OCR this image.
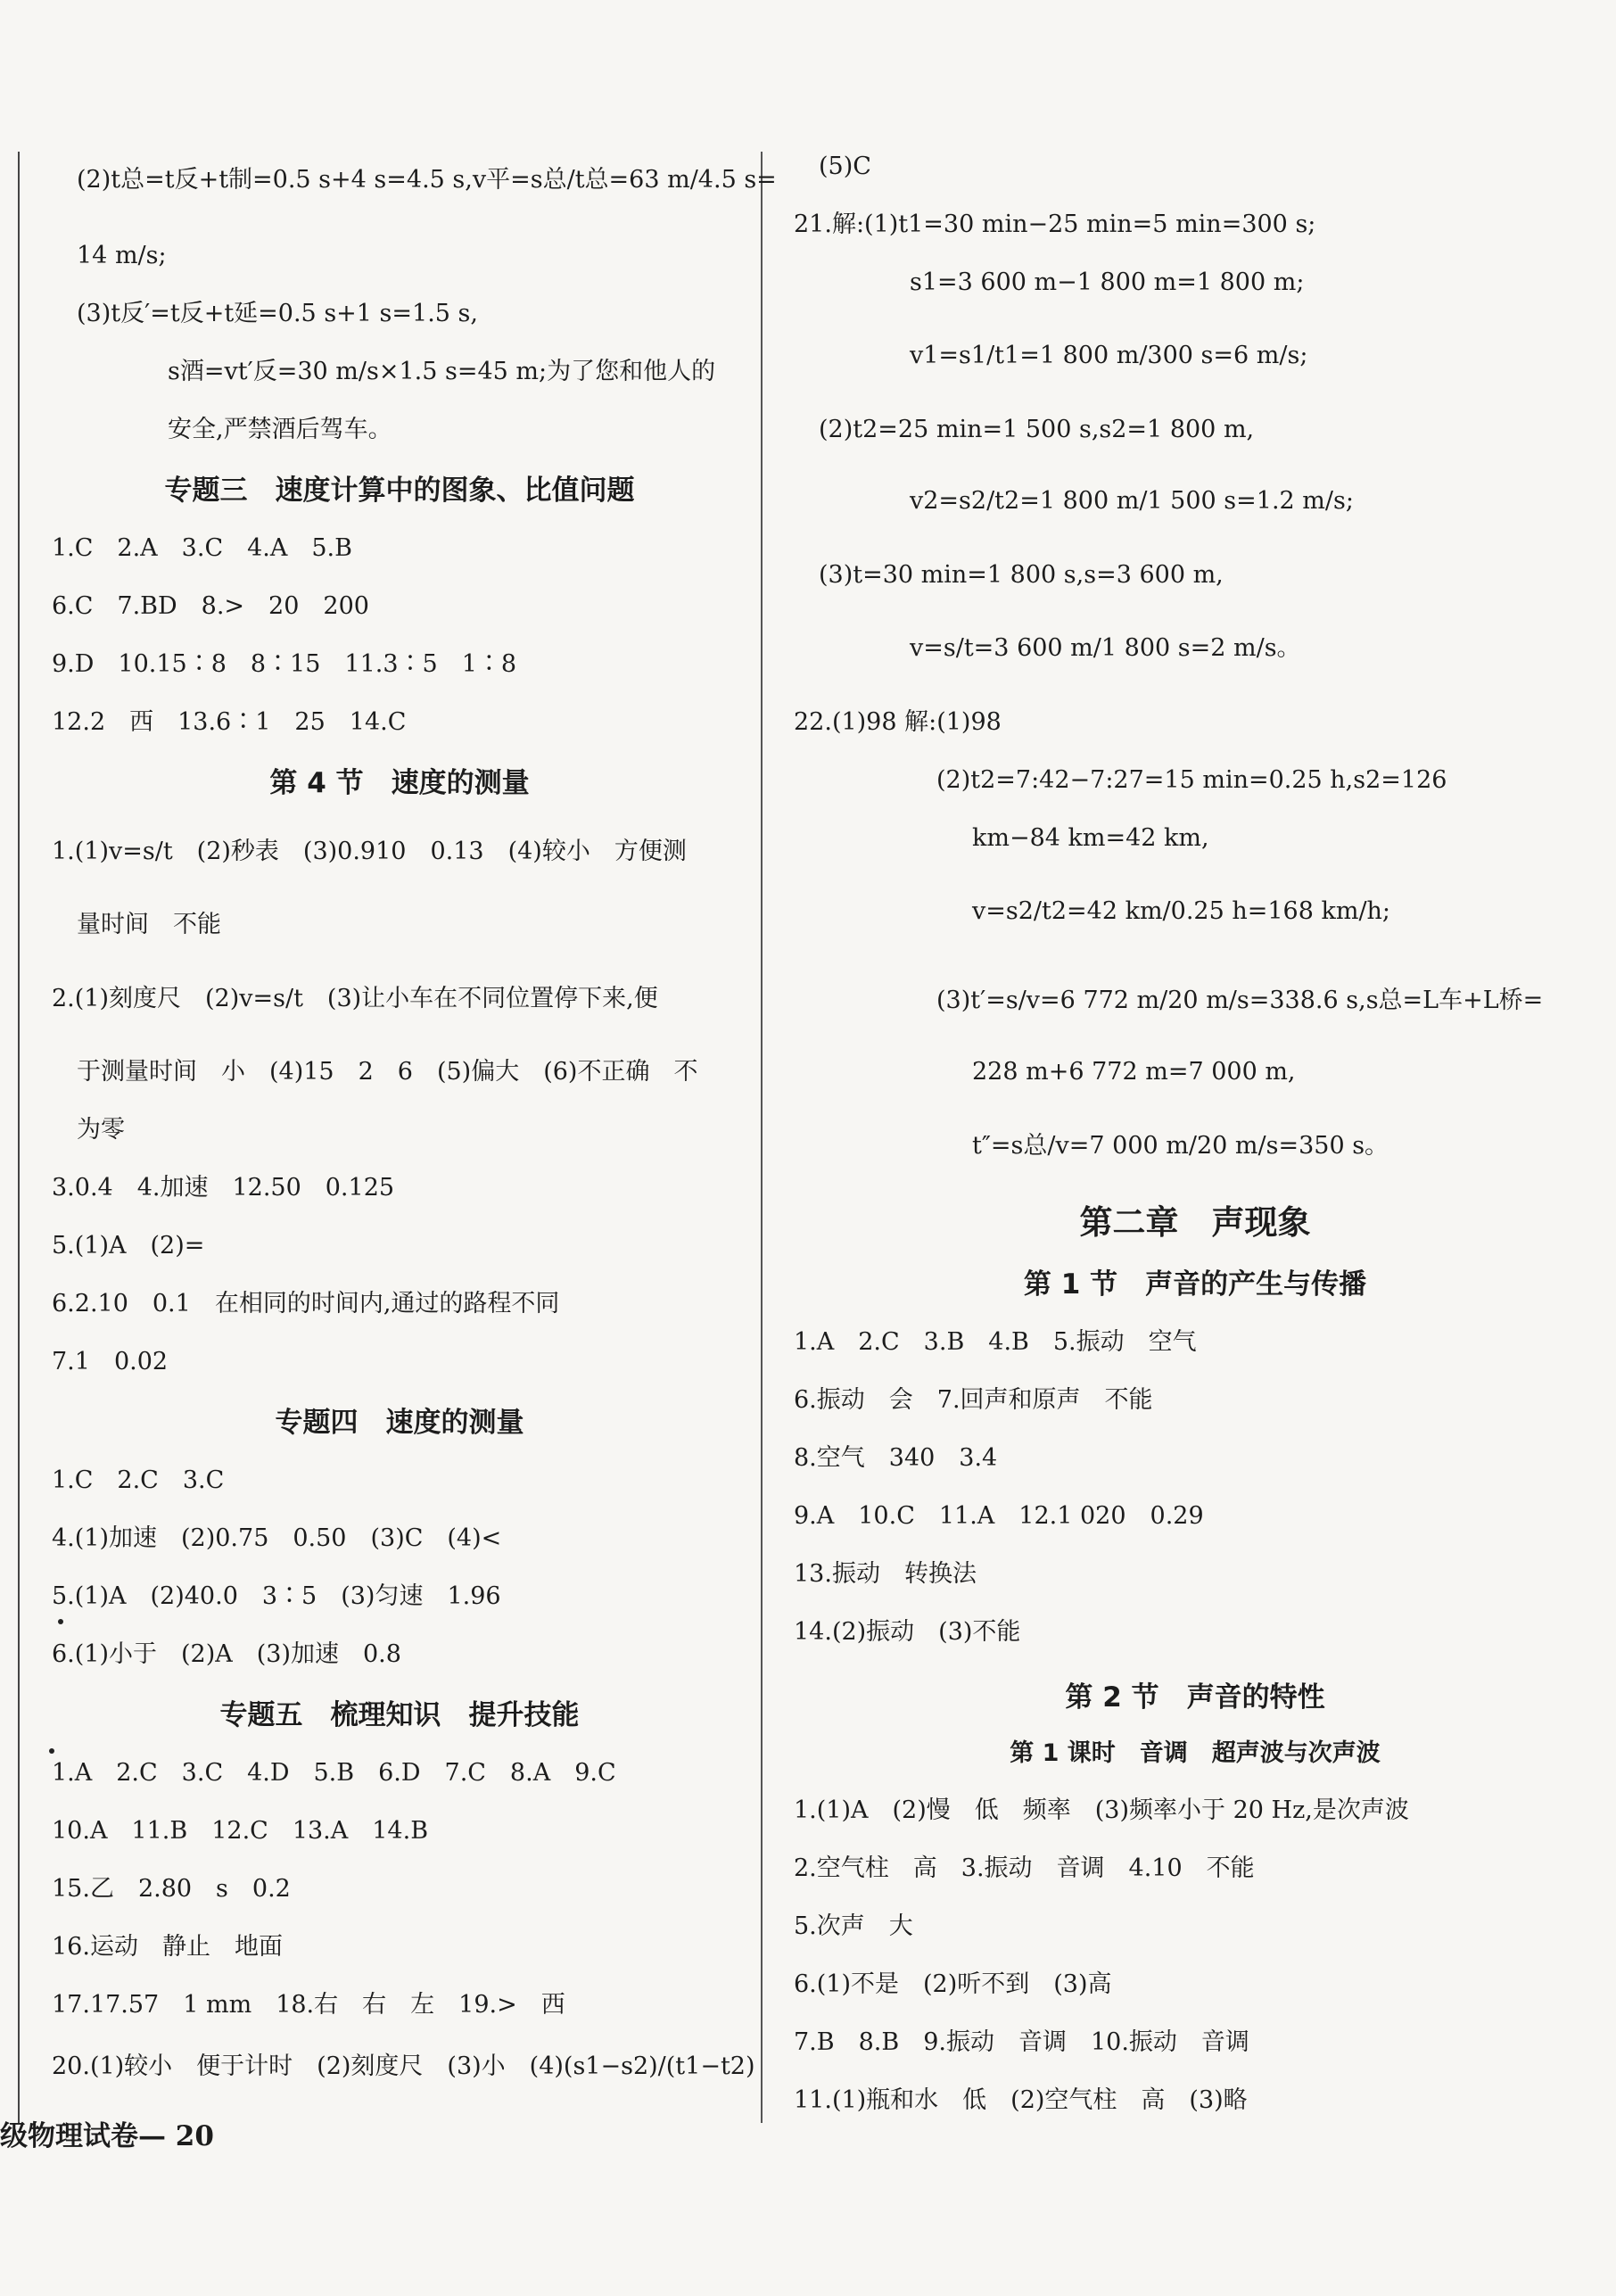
(2)t总=t反+t制=0.5 s+4 s=4.5 s,v平=s总/t总=63 m/4.5 s=
14 m/s;
(3)t反′=t反+t延=0.5 s+1 s=1.5 s,
s酒=vt′反=30 m/s×1.5 s=45 m;为了您和他人的
安全,严禁酒后驾车。
专题三　速度计算中的图象、比值问题
1.C　2.A　3.C　4.A　5.B
6.C　7.BD　8.>　20　200
9.D　10.15∶8　8∶15　11.3∶5　1∶8
12.2　西　13.6∶1　25　14.C
第 4 节　速度的测量
1.(1)v=s/t　(2)秒表　(3)0.910　0.13　(4)较小　方便测
量时间　不能
2.(1)刻度尺　(2)v=s/t　(3)让小车在不同位置停下来,便
于测量时间　小　(4)15　2　6　(5)偏大　(6)不正确　不
为零
3.0.4　4.加速　12.50　0.125
5.(1)A　(2)=
6.2.10　0.1　在相同的时间内,通过的路程不同
7.1　0.02
专题四　速度的测量
1.C　2.C　3.C
4.(1)加速　(2)0.75　0.50　(3)C　(4)<
5.(1)A　(2)40.0　3∶5　(3)匀速　1.96
6.(1)小于　(2)A　(3)加速　0.8
专题五　梳理知识　提升技能
1.A　2.C　3.C　4.D　5.B　6.D　7.C　8.A　9.C
10.A　11.B　12.C　13.A　14.B
15.乙　2.80　s　0.2
16.运动　静止　地面
17.17.57　1 mm　18.右　右　左　19.>　西
20.(1)较小　便于计时　(2)刻度尺　(3)小　(4)(s1−s2)/(t1−t2)
(5)C
21.解:(1)t1=30 min−25 min=5 min=300 s;
s1=3 600 m−1 800 m=1 800 m;
v1=s1/t1=1 800 m/300 s=6 m/s;
(2)t2=25 min=1 500 s,s2=1 800 m,
v2=s2/t2=1 800 m/1 500 s=1.2 m/s;
(3)t=30 min=1 800 s,s=3 600 m,
v=s/t=3 600 m/1 800 s=2 m/s。
22.(1)98 解:(1)98
(2)t2=7:42−7:27=15 min=0.25 h,s2=126
km−84 km=42 km,
v=s2/t2=42 km/0.25 h=168 km/h;
(3)t′=s/v=6 772 m/20 m/s=338.6 s,s总=L车+L桥=
228 m+6 772 m=7 000 m,
t″=s总/v=7 000 m/20 m/s=350 s。
第二章　声现象
第 1 节　声音的产生与传播
1.A　2.C　3.B　4.B　5.振动　空气
6.振动　会　7.回声和原声　不能
8.空气　340　3.4
9.A　10.C　11.A　12.1 020　0.29
13.振动　转换法
14.(2)振动　(3)不能
第 2 节　声音的特性
第 1 课时　音调　超声波与次声波
1.(1)A　(2)慢　低　频率　(3)频率小于 20 Hz,是次声波
2.空气柱　高　3.振动　音调　4.10　不能
5.次声　大
6.(1)不是　(2)听不到　(3)高
7.B　8.B　9.振动　音调　10.振动　音调
11.(1)瓶和水　低　(2)空气柱　高　(3)略
级物理试卷— 20
